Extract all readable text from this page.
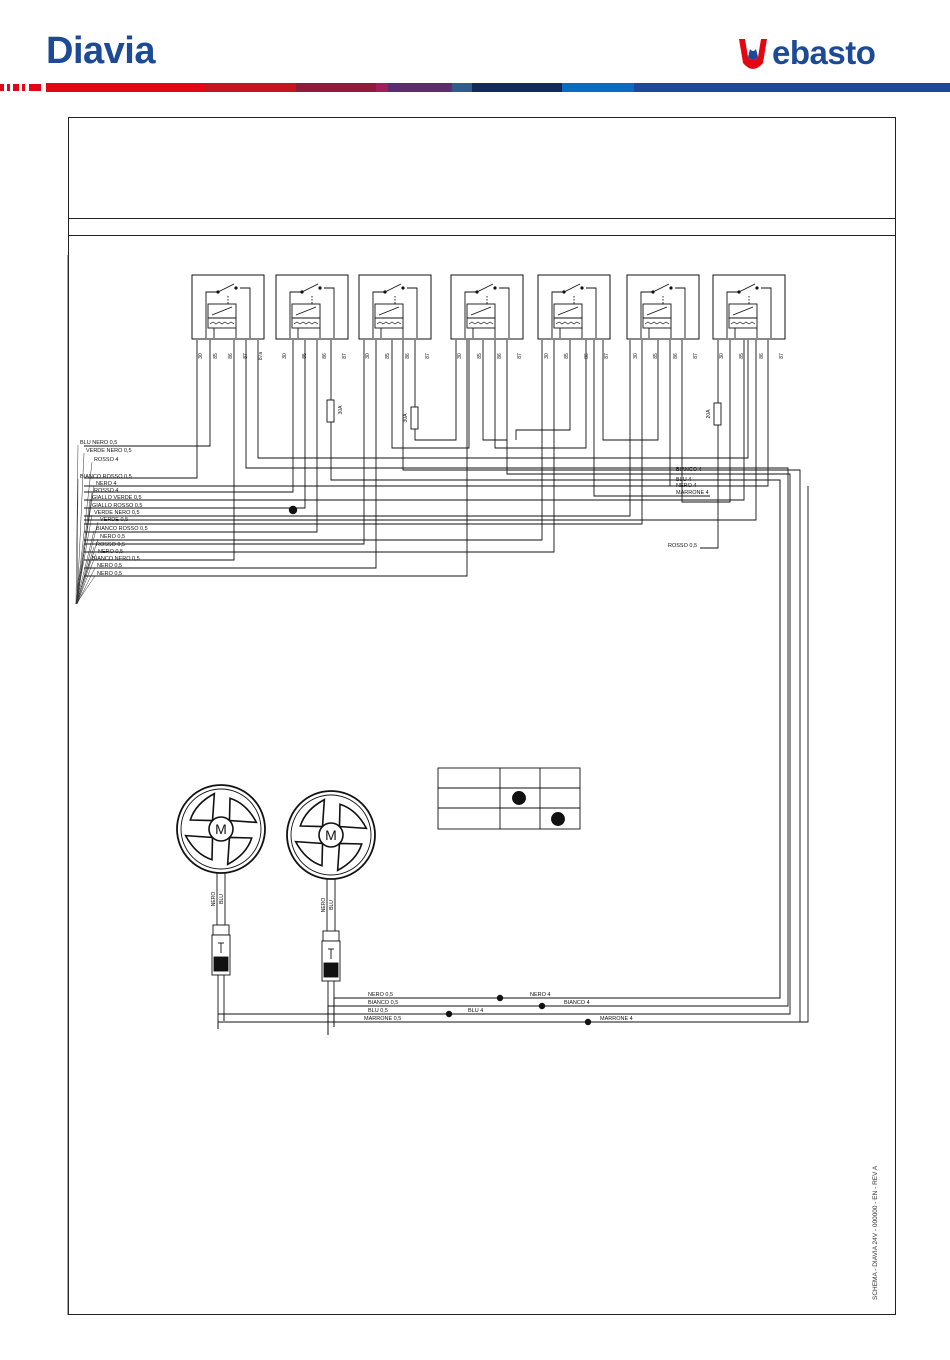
Diavia	ebasto
30A
30A	20A
BLU NERO 0,5
VERDE NERO 0,5
ROSSO 4
BIANCO ROSSO 0,5
NERO 4
ROSSO 4
GIALLO VERDE 0,5
GIALLO ROSSO 0,5
VERDE NERO 0,5
VERDE 0,5
BIANCO ROSSO 0,5
NERO 0,5
ROSSO 0,5
NERO 0,5
BIANCO NERO 0,5
NERO 0,5
NERO 0,5
BIANCO 4
BLU 4
NERO 4
MARRONE 4
ROSSO 0,5
30 85 86 87 87a	30	85	86	87	30	85	86	87	30	85	86	87	30	85	86	87	30	85	86	87	30	85	86	87
M
NERO BLU
M
NERO BLU
NERO 0,5
BIANCO 0,5
BLU 0,5
MARRONE 0,5
NERO 4
BIANCO 4
BLU 4
MARRONE 4
SCHEMA - DIAVIA 24V - 000000 - EN - REV A
